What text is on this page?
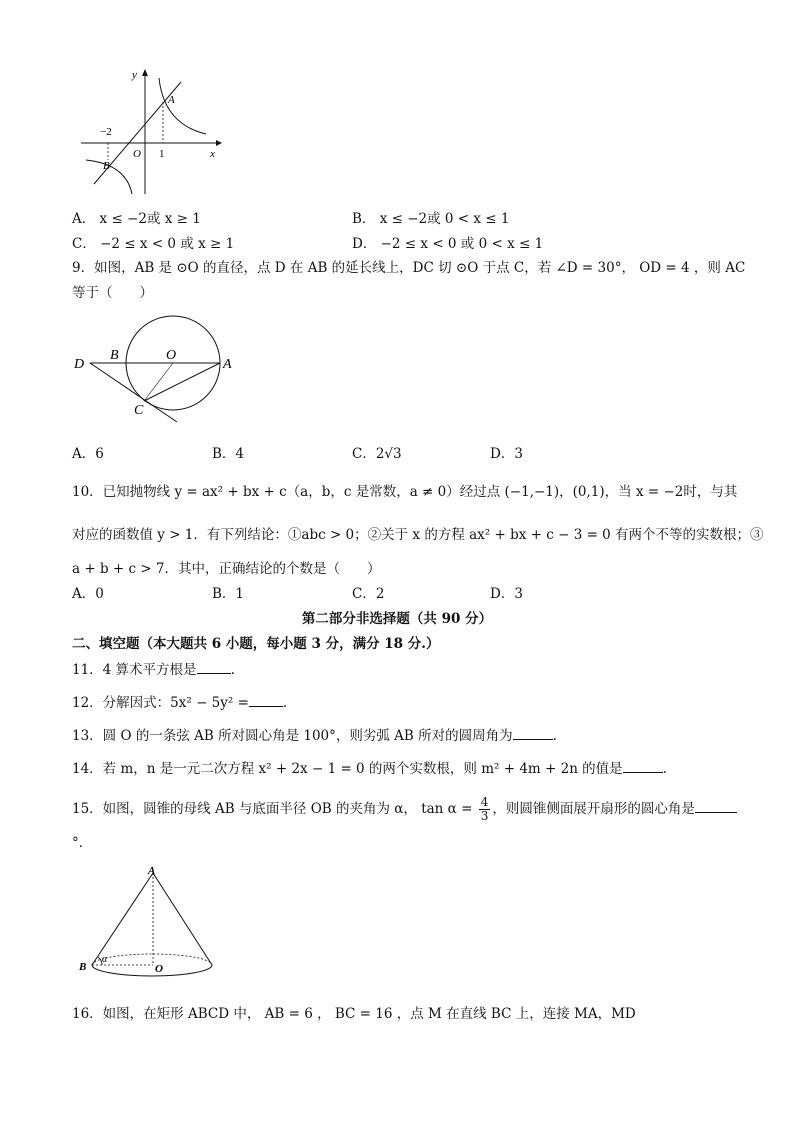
y
x
A
B
O
−2
1
A． x ≤ −2或 x ≥ 1	B． x ≤ −2或 0 < x ≤ 1
C． −2 ≤ x < 0 或 x ≥ 1	D． −2 ≤ x < 0 或 0 < x ≤ 1
9．如图，AB 是 ⊙O 的直径，点 D 在 AB 的延长线上，DC 切 ⊙O 于点 C，若 ∠D = 30°， OD = 4 ，则 AC
等于（　　）
D
B	O
A
C
A．6	B．4	C．2√3	D．3
10．已知抛物线 y = ax² + bx + c（a，b，c 是常数，a ≠ 0）经过点 (−1,−1)，(0,1)，当 x = −2时，与其
对应的函数值 y > 1．有下列结论：①abc > 0；②关于 x 的方程 ax² + bx + c − 3 = 0 有两个不等的实数根；③
a + b + c > 7．其中，正确结论的个数是（　　）
A．0	B．1	C．2	D．3
第二部分非选择题（共 90 分）
二、填空题（本大题共 6 小题，每小题 3 分，满分 18 分.）
11．4 算术平方根是	.
12．分解因式：5x² − 5y² =	.
13．圆 O 的一条弦 AB 所对圆心角是 100°，则劣弧 AB 所对的圆周角为	.
14．若 m，n 是一元二次方程 x² + 2x − 1 = 0 的两个实数根，则 m² + 4m + 2n 的值是	.
15．如图，圆锥的母线 AB 与底面半径 OB 的夹角为 α， $\tan \alpha = \frac{4}{3}$ ，则圆锥侧面展开扇形的圆心角是
°．
A
B	O
α
16．如图，在矩形 ABCD 中， AB = 6 ， BC = 16 ，点 M 在直线 BC 上，连接 MA，MD
